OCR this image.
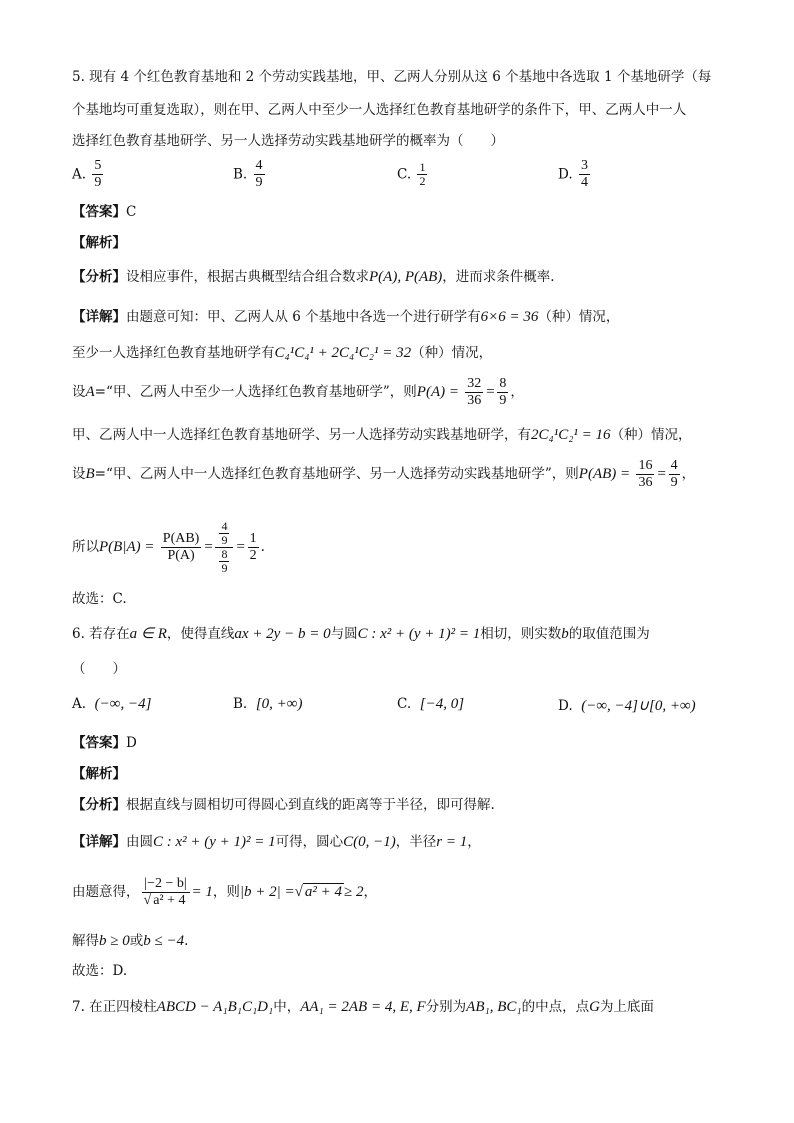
5. 现有 4 个红色教育基地和 2 个劳动实践基地，甲、乙两人分别从这 6 个基地中各选取 1 个基地研学（每
个基地均可重复选取），则在甲、乙两人中至少一人选择红色教育基地研学的条件下，甲、乙两人中一人
选择红色教育基地研学、另一人选择劳动实践基地研学的概率为（　　）
A. $\frac{5}{9}$	B. $\frac{4}{9}$	C. $\frac{1}{2}$	D. $\frac{3}{4}$
【答案】C
【解析】
【分析】设相应事件，根据古典概型结合组合数求P(A), P(AB)，进而求条件概率.
【详解】由题意可知：甲、乙两人从 6 个基地中各选一个进行研学有6×6 = 36（种）情况，
至少一人选择红色教育基地研学有C₄¹C₄¹ + 2C₄¹C₂¹ = 32（种）情况，
设A=“甲、乙两人中至少一人选择红色教育基地研学”，则$P(A) = \frac{32}{36} = \frac{8}{9}$ ，
甲、乙两人中一人选择红色教育基地研学、另一人选择劳动实践基地研学，有2C₄¹C₂¹ = 16（种）情况，
设B=“甲、乙两人中一人选择红色教育基地研学、另一人选择劳动实践基地研学”，则$P(AB) = \frac{16}{36} = \frac{4}{9}$ ，
所以$P(B|A) = \frac{P(AB)}{P(A)} = \frac{\frac{4}{9}}{\frac{8}{9}} = \frac{1}{2}$ .
故选：C.
6. 若存在a ∈ R，使得直线ax + 2y − b = 0与圆C : x² + (y + 1)² = 1相切，则实数b的取值范围为
（　　）
A. (−∞, −4]	B. [0, +∞)	C. [−4, 0]	D. (−∞, −4]∪[0, +∞)
【答案】D
【解析】
【分析】根据直线与圆相切可得圆心到直线的距离等于半径，即可得解.
【详解】由圆C : x² + (y + 1)² = 1可得，圆心C(0, −1)，半径r = 1，
由题意得， $\frac{|-2 - b|}{\text{√ a² + 4}} = 1$，则|b + 2| =√ a² + 4 ≥ 2，
解得b ≥ 0或b ≤ −4.
故选：D.
7. 在正四棱柱ABCD − A₁B₁C₁D₁中，AA₁ = 2AB = 4, E, F分别为AB₁, BC₁的中点，点G为上底面
